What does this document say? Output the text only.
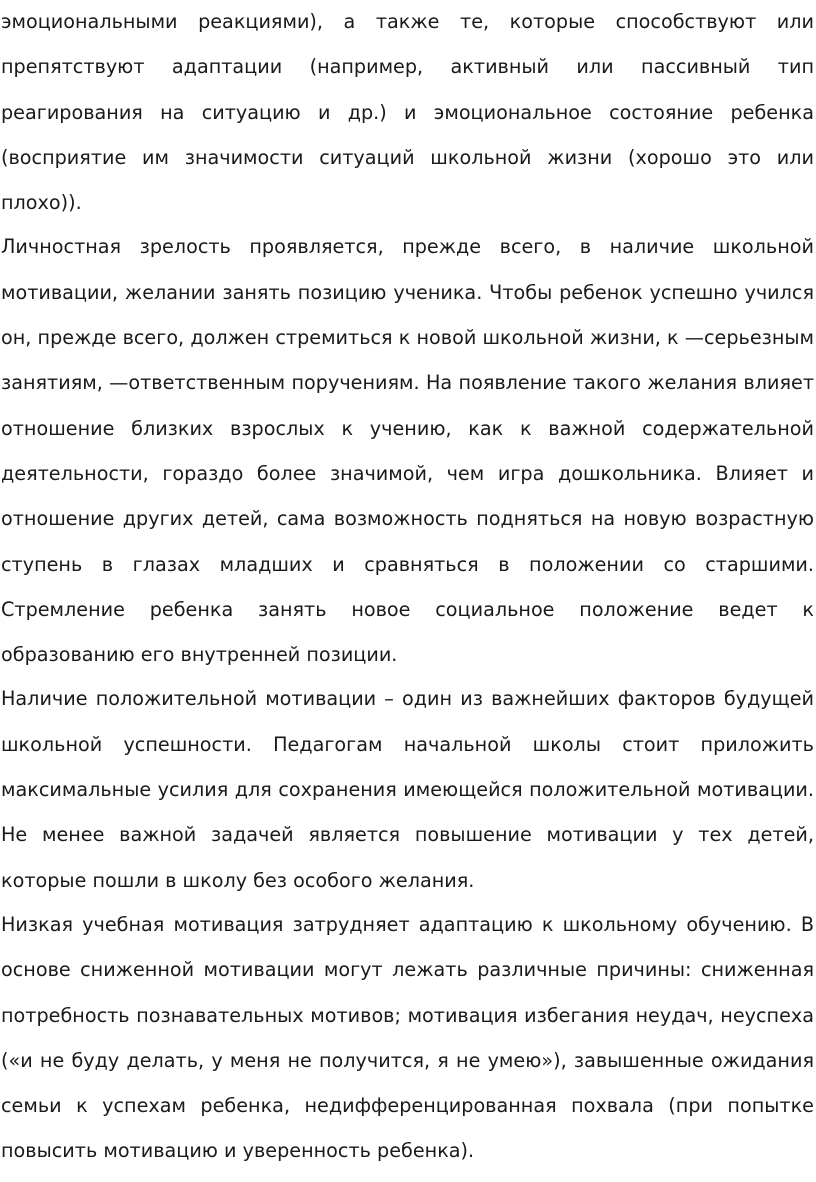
эмоциональными реакциями), а также те, которые способствуют или препятствуют адаптации (например, активный или пассивный тип реагирования на ситуацию и др.) и эмоциональное состояние ребенка (восприятие им значимости ситуаций школьной жизни (хорошо это или плохо)).

Личностная зрелость проявляется, прежде всего, в наличие школьной мотивации, желании занять позицию ученика. Чтобы ребенок успешно учился он, прежде всего, должен стремиться к новой школьной жизни, к —серьезным занятиям, —ответственным поручениям. На появление такого желания влияет отношение близких взрослых к учению, как к важной содержательной деятельности, гораздо более значимой, чем игра дошкольника. Влияет и отношение других детей, сама возможность подняться на новую возрастную ступень в глазах младших и сравняться в положении со старшими. Стремление ребенка занять новое социальное положение ведет к образованию его внутренней позиции.

Наличие положительной мотивации – один из важнейших факторов будущей школьной успешности. Педагогам начальной школы стоит приложить максимальные усилия для сохранения имеющейся положительной мотивации. Не менее важной задачей является повышение мотивации у тех детей, которые пошли в школу без особого желания.

Низкая учебная мотивация затрудняет адаптацию к школьному обучению. В основе сниженной мотивации могут лежать различные причины: сниженная потребность познавательных мотивов; мотивация избегания неудач, неуспеха («и не буду делать, у меня не получится, я не умею»), завышенные ожидания семьи к успехам ребенка, недифференцированная похвала (при попытке повысить мотивацию и уверенность ребенка).
